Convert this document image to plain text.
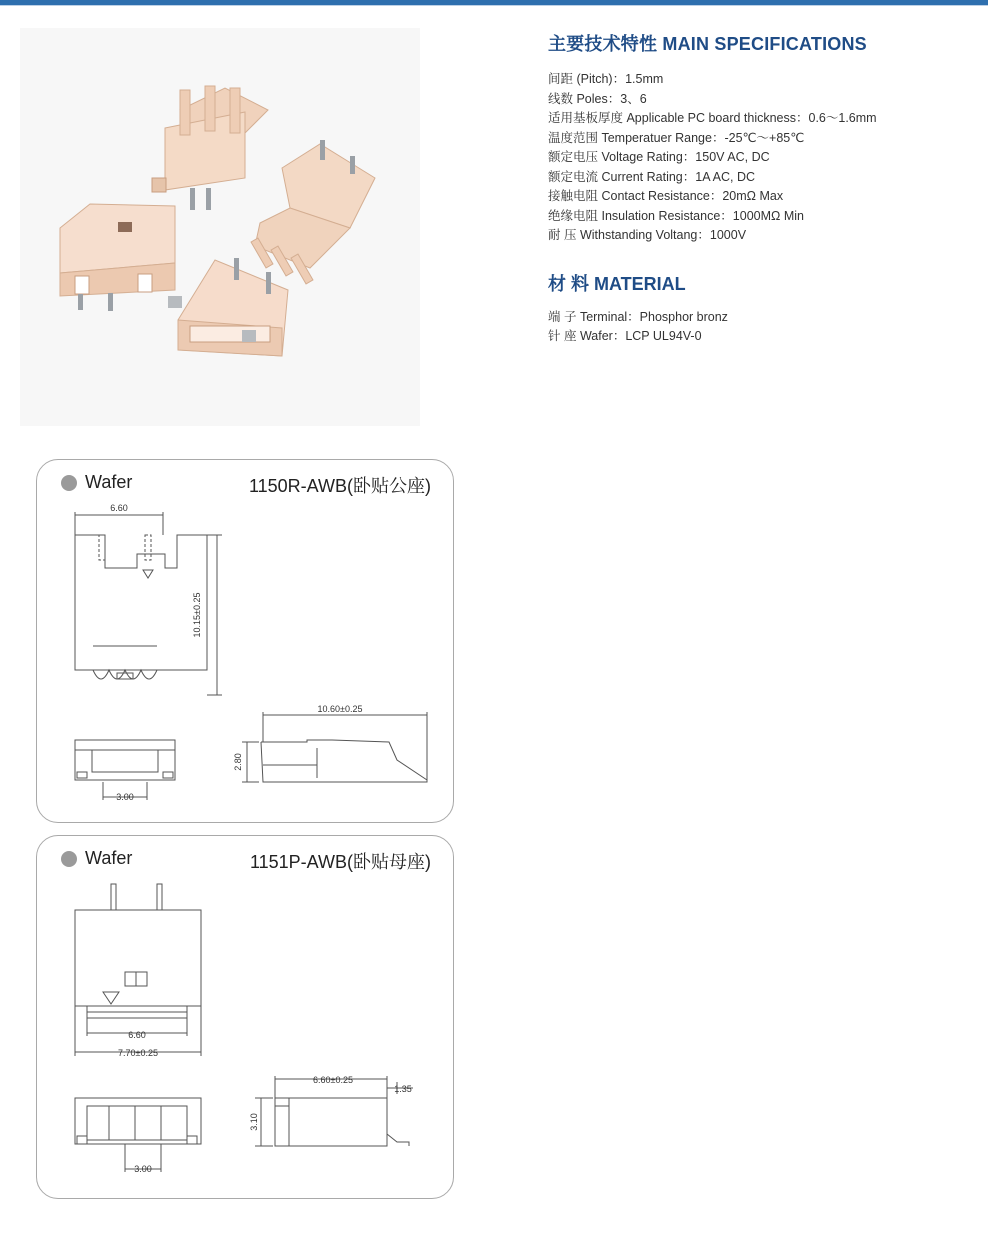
主要技术特性 MAIN SPECIFICATIONS
间距 (Pitch)：1.5mm
线数 Poles：3、6
适用基板厚度 Applicable PC board thickness：0.6～1.6mm
温度范围 Temperatuer Range：-25℃～+85℃
额定电压 Voltage Rating：150V AC, DC
额定电流 Current Rating：1A AC, DC
接触电阻 Contact Resistance：20mΩ Max
绝缘电阻 Insulation Resistance：1000MΩ Min
耐 压 Withstanding Voltang：1000V
材 料 MATERIAL
端 子 Terminal：Phosphor bronz
针 座 Wafer：LCP UL94V-0
Wafer	1150R-AWB(卧贴公座)
6.60
10.15±0.25
10.60±0.25
2.80
3.00
Wafer	1151P-AWB(卧贴母座)
6.60
7.70±0.25
6.60±0.25
1.35
3.10
3.00
